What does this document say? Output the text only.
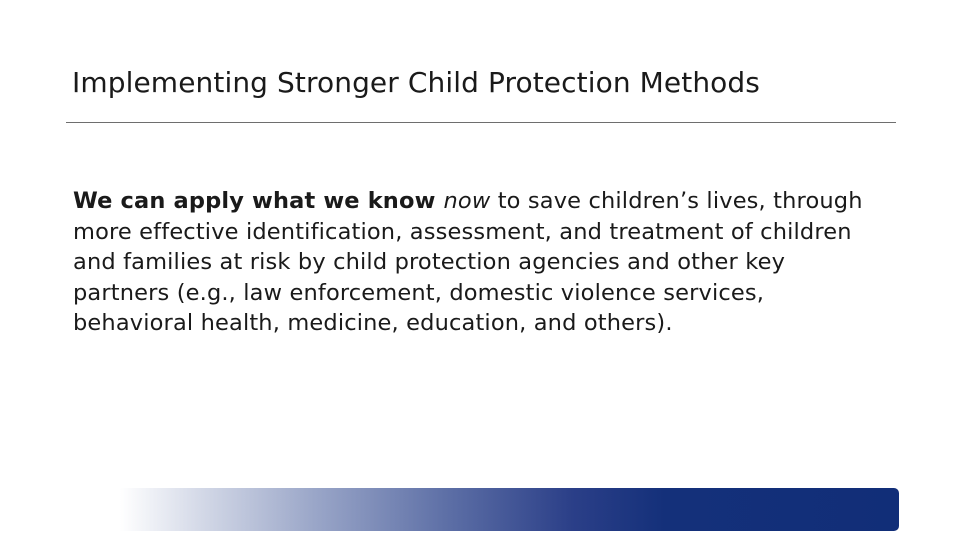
Implementing Stronger Child Protection Methods

We can apply what we know now to save children’s lives, through more effective identification, assessment, and treatment of children and families at risk by child protection agencies and other key partners (e.g., law enforcement, domestic violence services, behavioral health, medicine, education, and others).
